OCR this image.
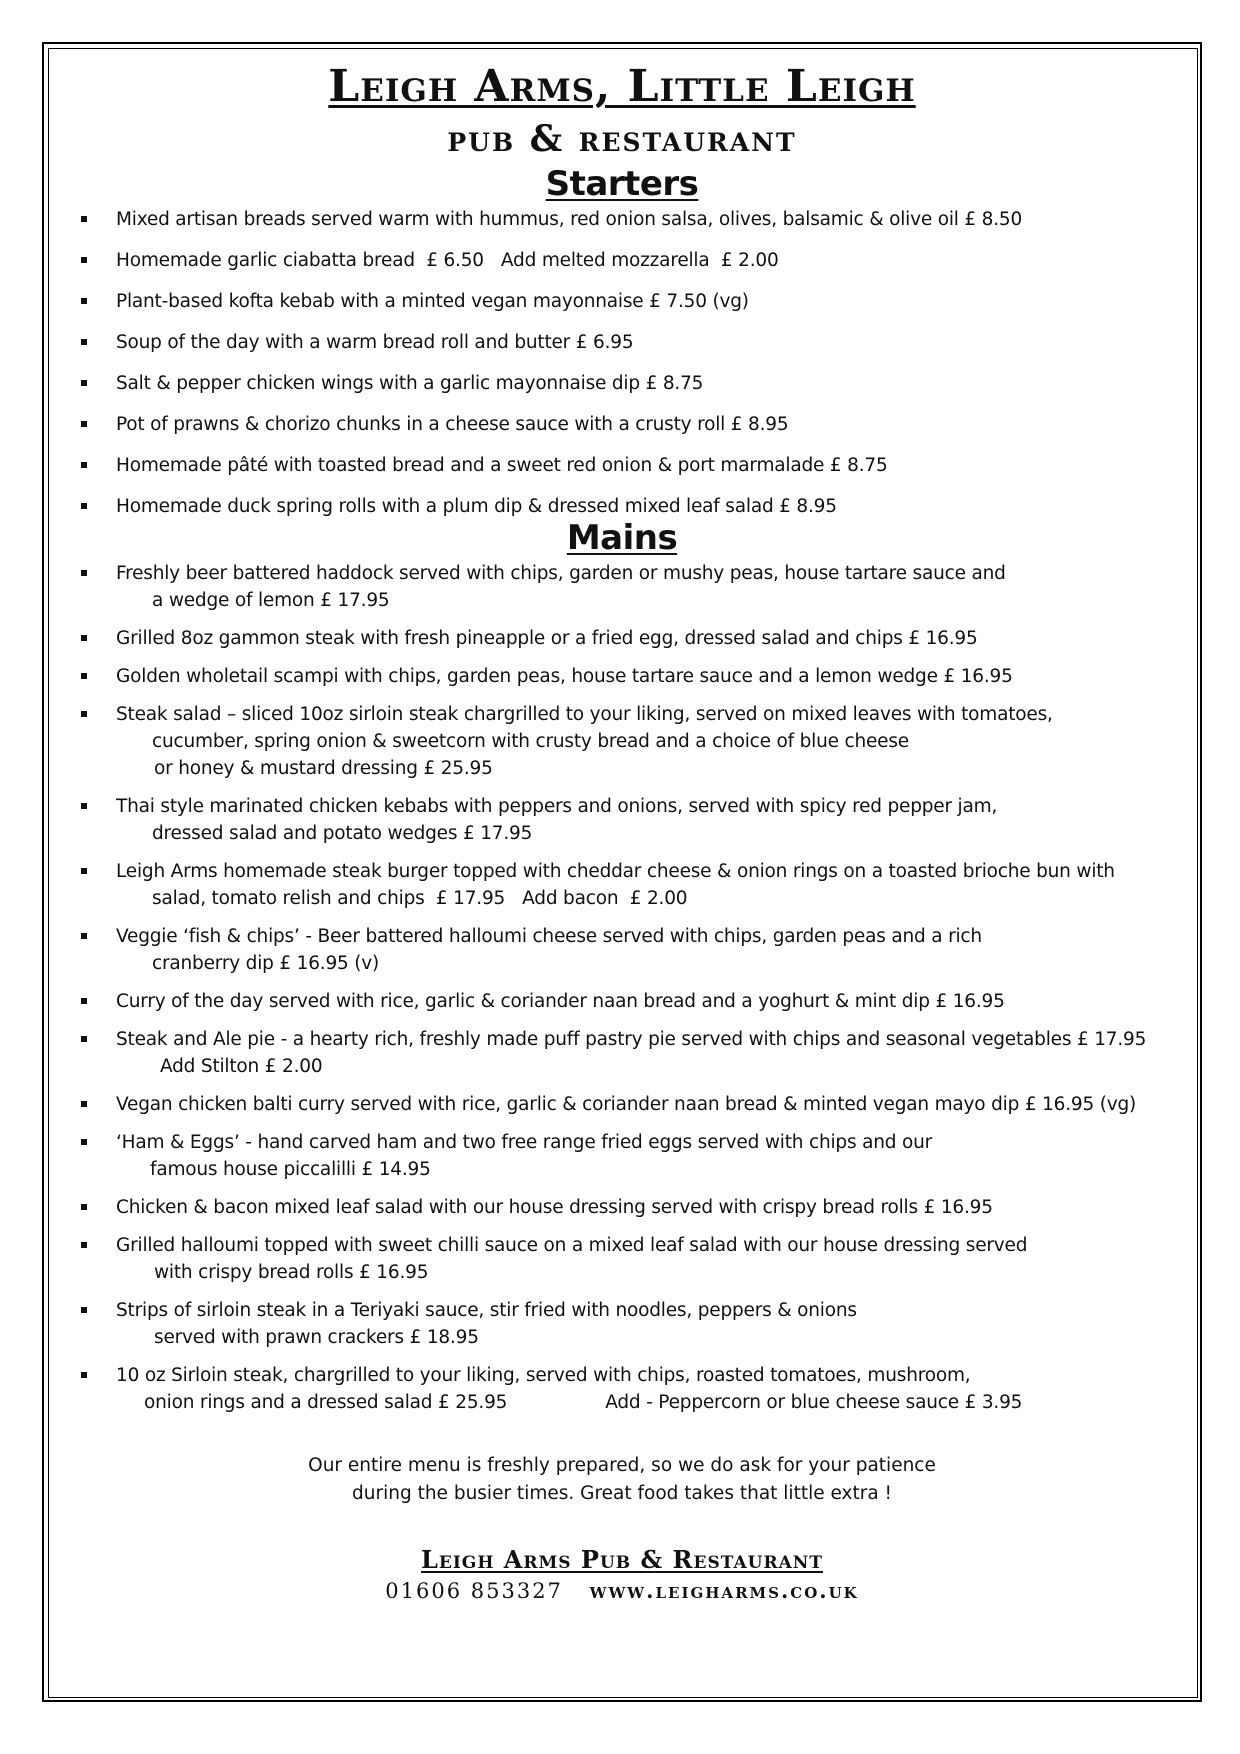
Leigh Arms, Little Leigh
pub & restaurant
Starters
Mixed artisan breads served warm with hummus, red onion salsa, olives, balsamic & olive oil £ 8.50
Homemade garlic ciabatta bread  £ 6.50   Add melted mozzarella  £ 2.00
Plant-based kofta kebab with a minted vegan mayonnaise £ 7.50 (vg)
Soup of the day with a warm bread roll and butter £ 6.95
Salt & pepper chicken wings with a garlic mayonnaise dip £ 8.75
Pot of prawns & chorizo chunks in a cheese sauce with a crusty roll £ 8.95
Homemade pâté with toasted bread and a sweet red onion & port marmalade £ 8.75
Homemade duck spring rolls with a plum dip & dressed mixed leaf salad £ 8.95
Mains
Freshly beer battered haddock served with chips, garden or mushy peas, house tartare sauce and
a wedge of lemon £ 17.95
Grilled 8oz gammon steak with fresh pineapple or a fried egg, dressed salad and chips £ 16.95
Golden wholetail scampi with chips, garden peas, house tartare sauce and a lemon wedge £ 16.95
Steak salad – sliced 10oz sirloin steak chargrilled to your liking, served on mixed leaves with tomatoes,
cucumber, spring onion & sweetcorn with crusty bread and a choice of blue cheese
or honey & mustard dressing £ 25.95
Thai style marinated chicken kebabs with peppers and onions, served with spicy red pepper jam,
dressed salad and potato wedges £ 17.95
Leigh Arms homemade steak burger topped with cheddar cheese & onion rings on a toasted brioche bun with
salad, tomato relish and chips  £ 17.95   Add bacon  £ 2.00
Veggie ‘fish & chips’ - Beer battered halloumi cheese served with chips, garden peas and a rich
cranberry dip £ 16.95 (v)
Curry of the day served with rice, garlic & coriander naan bread and a yoghurt & mint dip £ 16.95
Steak and Ale pie - a hearty rich, freshly made puff pastry pie served with chips and seasonal vegetables £ 17.95
Add Stilton £ 2.00
Vegan chicken balti curry served with rice, garlic & coriander naan bread & minted vegan mayo dip £ 16.95 (vg)
‘Ham & Eggs’ - hand carved ham and two free range fried eggs served with chips and our
famous house piccalilli £ 14.95
Chicken & bacon mixed leaf salad with our house dressing served with crispy bread rolls £ 16.95
Grilled halloumi topped with sweet chilli sauce on a mixed leaf salad with our house dressing served
with crispy bread rolls £ 16.95
Strips of sirloin steak in a Teriyaki sauce, stir fried with noodles, peppers & onions
served with prawn crackers £ 18.95
10 oz Sirloin steak, chargrilled to your liking, served with chips, roasted tomatoes, mushroom,
onion rings and a dressed salad £ 25.95	Add - Peppercorn or blue cheese sauce £ 3.95
Our entire menu is freshly prepared, so we do ask for your patience
during the busier times. Great food takes that little extra !
Leigh Arms Pub & Restaurant
01606 853327 www.leigharms.co.uk
